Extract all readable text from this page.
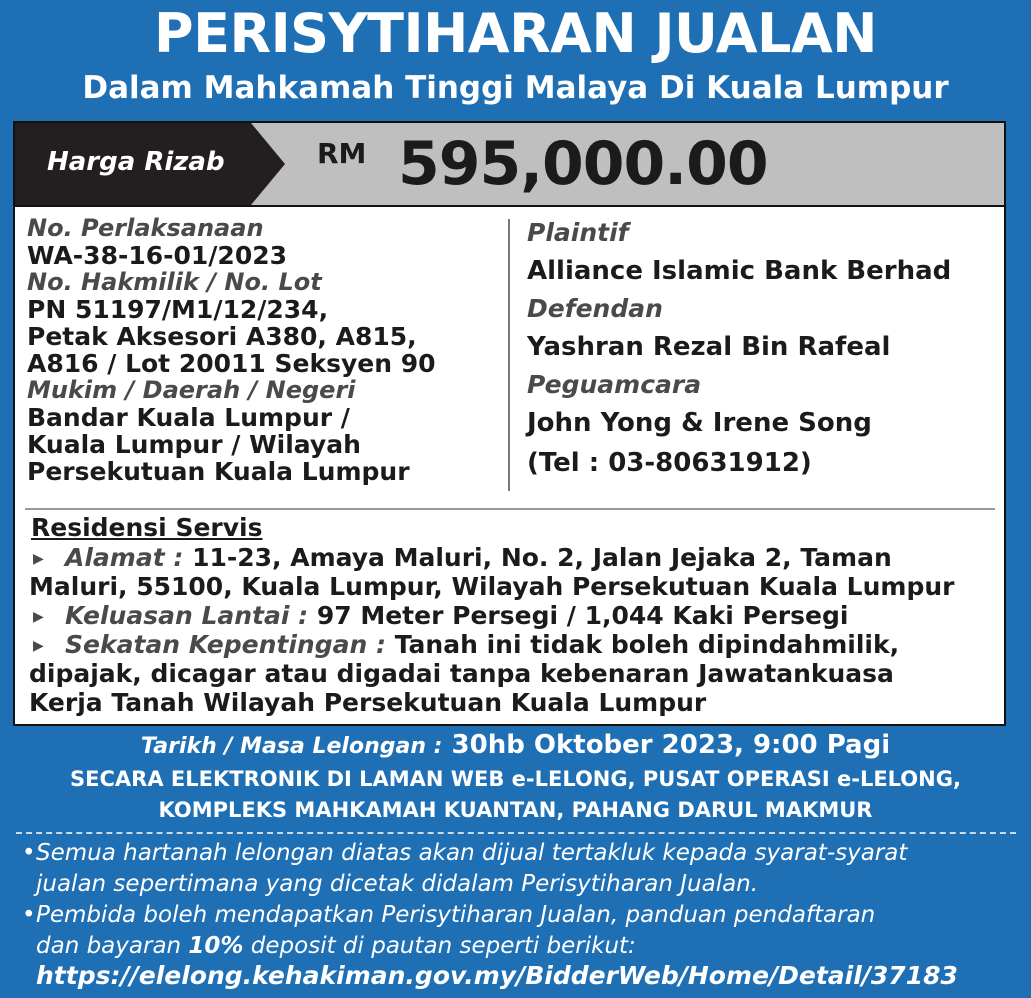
PERISYTIHARAN JUALAN
Dalam Mahkamah Tinggi Malaya Di Kuala Lumpur
Harga Rizab	RM 595,000.00
No. Perlaksanaan
WA-38-16-01/2023
No. Hakmilik / No. Lot
PN 51197/M1/12/234,
Petak Aksesori A380, A815,
A816 / Lot 20011 Seksyen 90
Mukim / Daerah / Negeri
Bandar Kuala Lumpur /
Kuala Lumpur / Wilayah
Persekutuan Kuala Lumpur
Plaintif
Alliance Islamic Bank Berhad
Defendan
Yashran Rezal Bin Rafeal
Peguamcara
John Yong & Irene Song
(Tel : 03-80631912)
Residensi Servis
▶ Alamat : 11-23, Amaya Maluri, No. 2, Jalan Jejaka 2, Taman
Maluri, 55100, Kuala Lumpur, Wilayah Persekutuan Kuala Lumpur
▶ Keluasan Lantai : 97 Meter Persegi / 1,044 Kaki Persegi
▶ Sekatan Kepentingan : Tanah ini tidak boleh dipindahmilik,
dipajak, dicagar atau digadai tanpa kebenaran Jawatankuasa
Kerja Tanah Wilayah Persekutuan Kuala Lumpur
Tarikh / Masa Lelongan : 30hb Oktober 2023, 9:00 Pagi
SECARA ELEKTRONIK DI LAMAN WEB e-LELONG, PUSAT OPERASI e-LELONG,
KOMPLEKS MAHKAMAH KUANTAN, PAHANG DARUL MAKMUR
• Semua hartanah lelongan diatas akan dijual tertakluk kepada syarat-syarat
jualan sepertimana yang dicetak didalam Perisytiharan Jualan.
• Pembida boleh mendapatkan Perisytiharan Jualan, panduan pendaftaran
dan bayaran 10% deposit di pautan seperti berikut:
https://elelong.kehakiman.gov.my/BidderWeb/Home/Detail/37183
